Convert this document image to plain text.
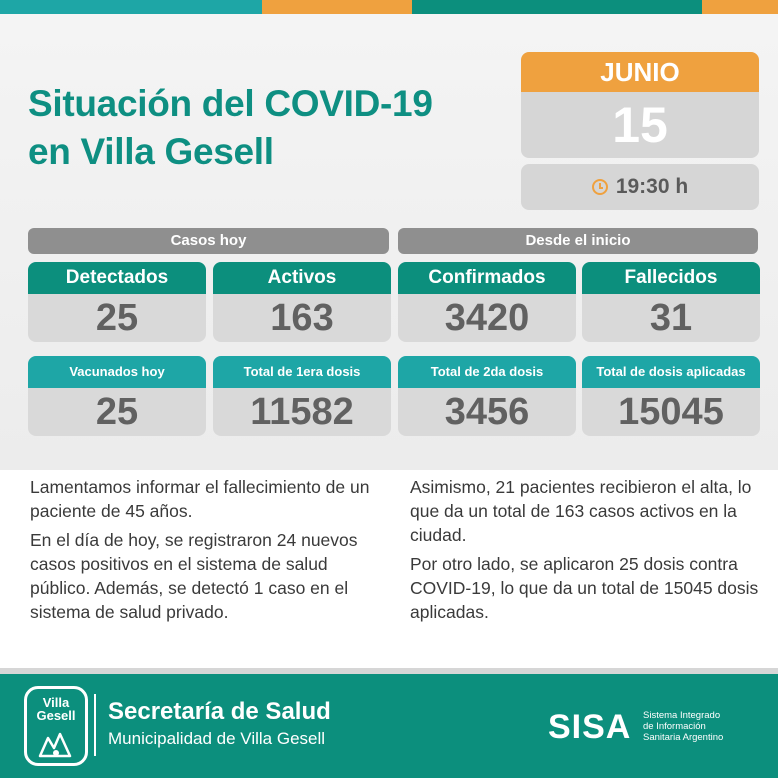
Situación del COVID-19
en Villa Gesell
JUNIO
15
19:30 h
Casos hoy	Desde el inicio
Detectados
25
Activos
163
Confirmados
3420
Fallecidos
31
Vacunados hoy
25
Total de 1era dosis
11582
Total de 2da dosis
3456
Total de dosis aplicadas
15045

Lamentamos informar el fallecimiento de un paciente de 45 años.

En el día de hoy, se registraron 24 nuevos casos positivos en el sistema de salud público. Además, se detectó 1 caso en el sistema de salud privado.

Asimismo, 21 pacientes recibieron el alta, lo que da un total de 163 casos activos en la ciudad.

Por otro lado, se aplicaron 25 dosis contra COVID-19, lo que da un total de 15045 dosis aplicadas.

Villa
Gesell	Secretaría de Salud
Municipalidad de Villa Gesell	SISA Sistema Integrado
de Información
Sanitaria Argentino
